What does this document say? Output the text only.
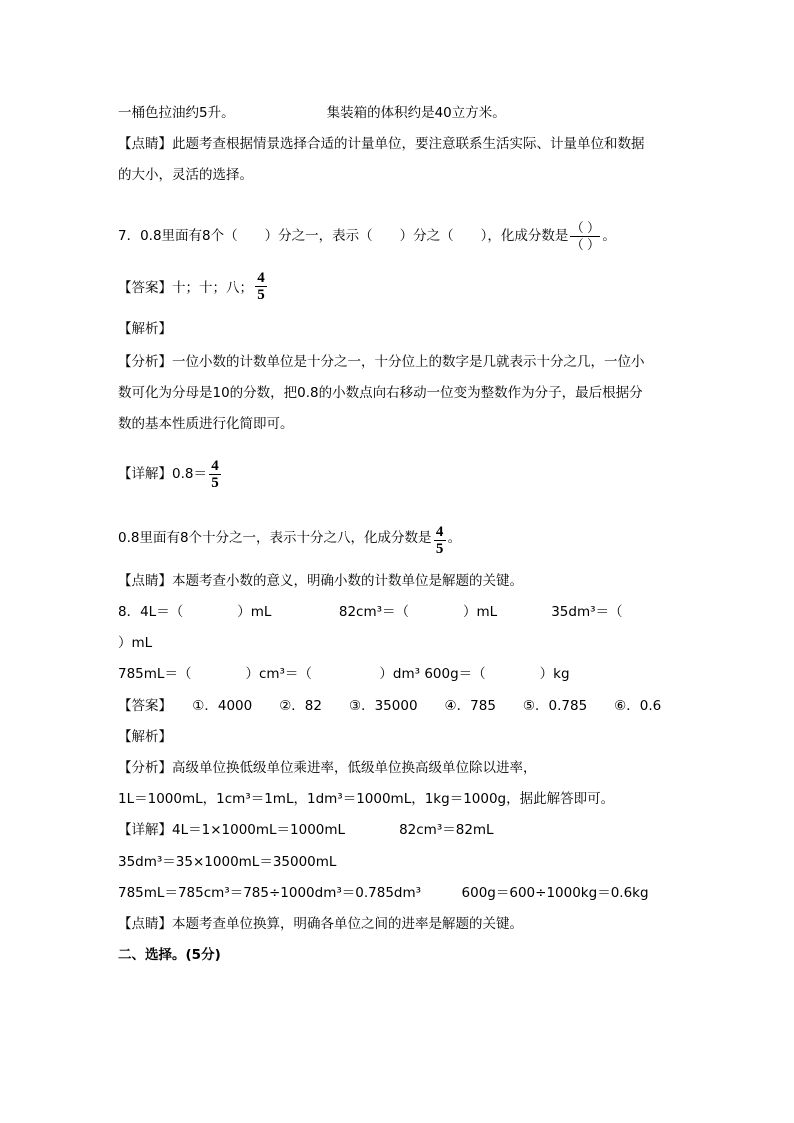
一桶色拉油约5升。	集装箱的体积约是40立方米。
【点睛】此题考查根据情景选择合适的计量单位，要注意联系生活实际、计量单位和数据
的大小，灵活的选择。
7．0.8里面有8个（　　）分之一，表示（　　）分之（　　），化成分数是 $\frac{( )}{( )}$ 。
【答案】十；十；八； $\frac{4}{5}$
【解析】
【分析】一位小数的计数单位是十分之一，十分位上的数字是几就表示十分之几，一位小
数可化为分母是10的分数，把0.8的小数点向右移动一位变为整数作为分子，最后根据分
数的基本性质进行化简即可。
【详解】$0.8= \frac{4}{5}$
0.8里面有8个十分之一，表示十分之八，化成分数是 $\frac{4}{5}$ 。
【点睛】本题考查小数的意义，明确小数的计数单位是解题的关键。
8．4L＝（　　　　）mL　　　　　82cm³＝（　　　　）mL　　　　35dm³＝（
）mL
785mL＝（　　　　）cm³＝（　　　　　）dm³ 600g＝（　　　　）kg
【答案】　　①．4000　　②．82　　③．35000　　④．785　　⑤．0.785　　⑥．0.6
【解析】
【分析】高级单位换低级单位乘进率，低级单位换高级单位除以进率，
1L＝1000mL，1cm³＝1mL，1dm³＝1000mL，1kg＝1000g，据此解答即可。
【详解】4L＝1×1000mL＝1000mL　　　　82cm³＝82mL
35dm³＝35×1000mL＝35000mL
785mL＝785cm³＝785÷1000dm³＝0.785dm³　　　600g＝600÷1000kg＝0.6kg
【点睛】本题考查单位换算，明确各单位之间的进率是解题的关键。
二、选择。(5分)
